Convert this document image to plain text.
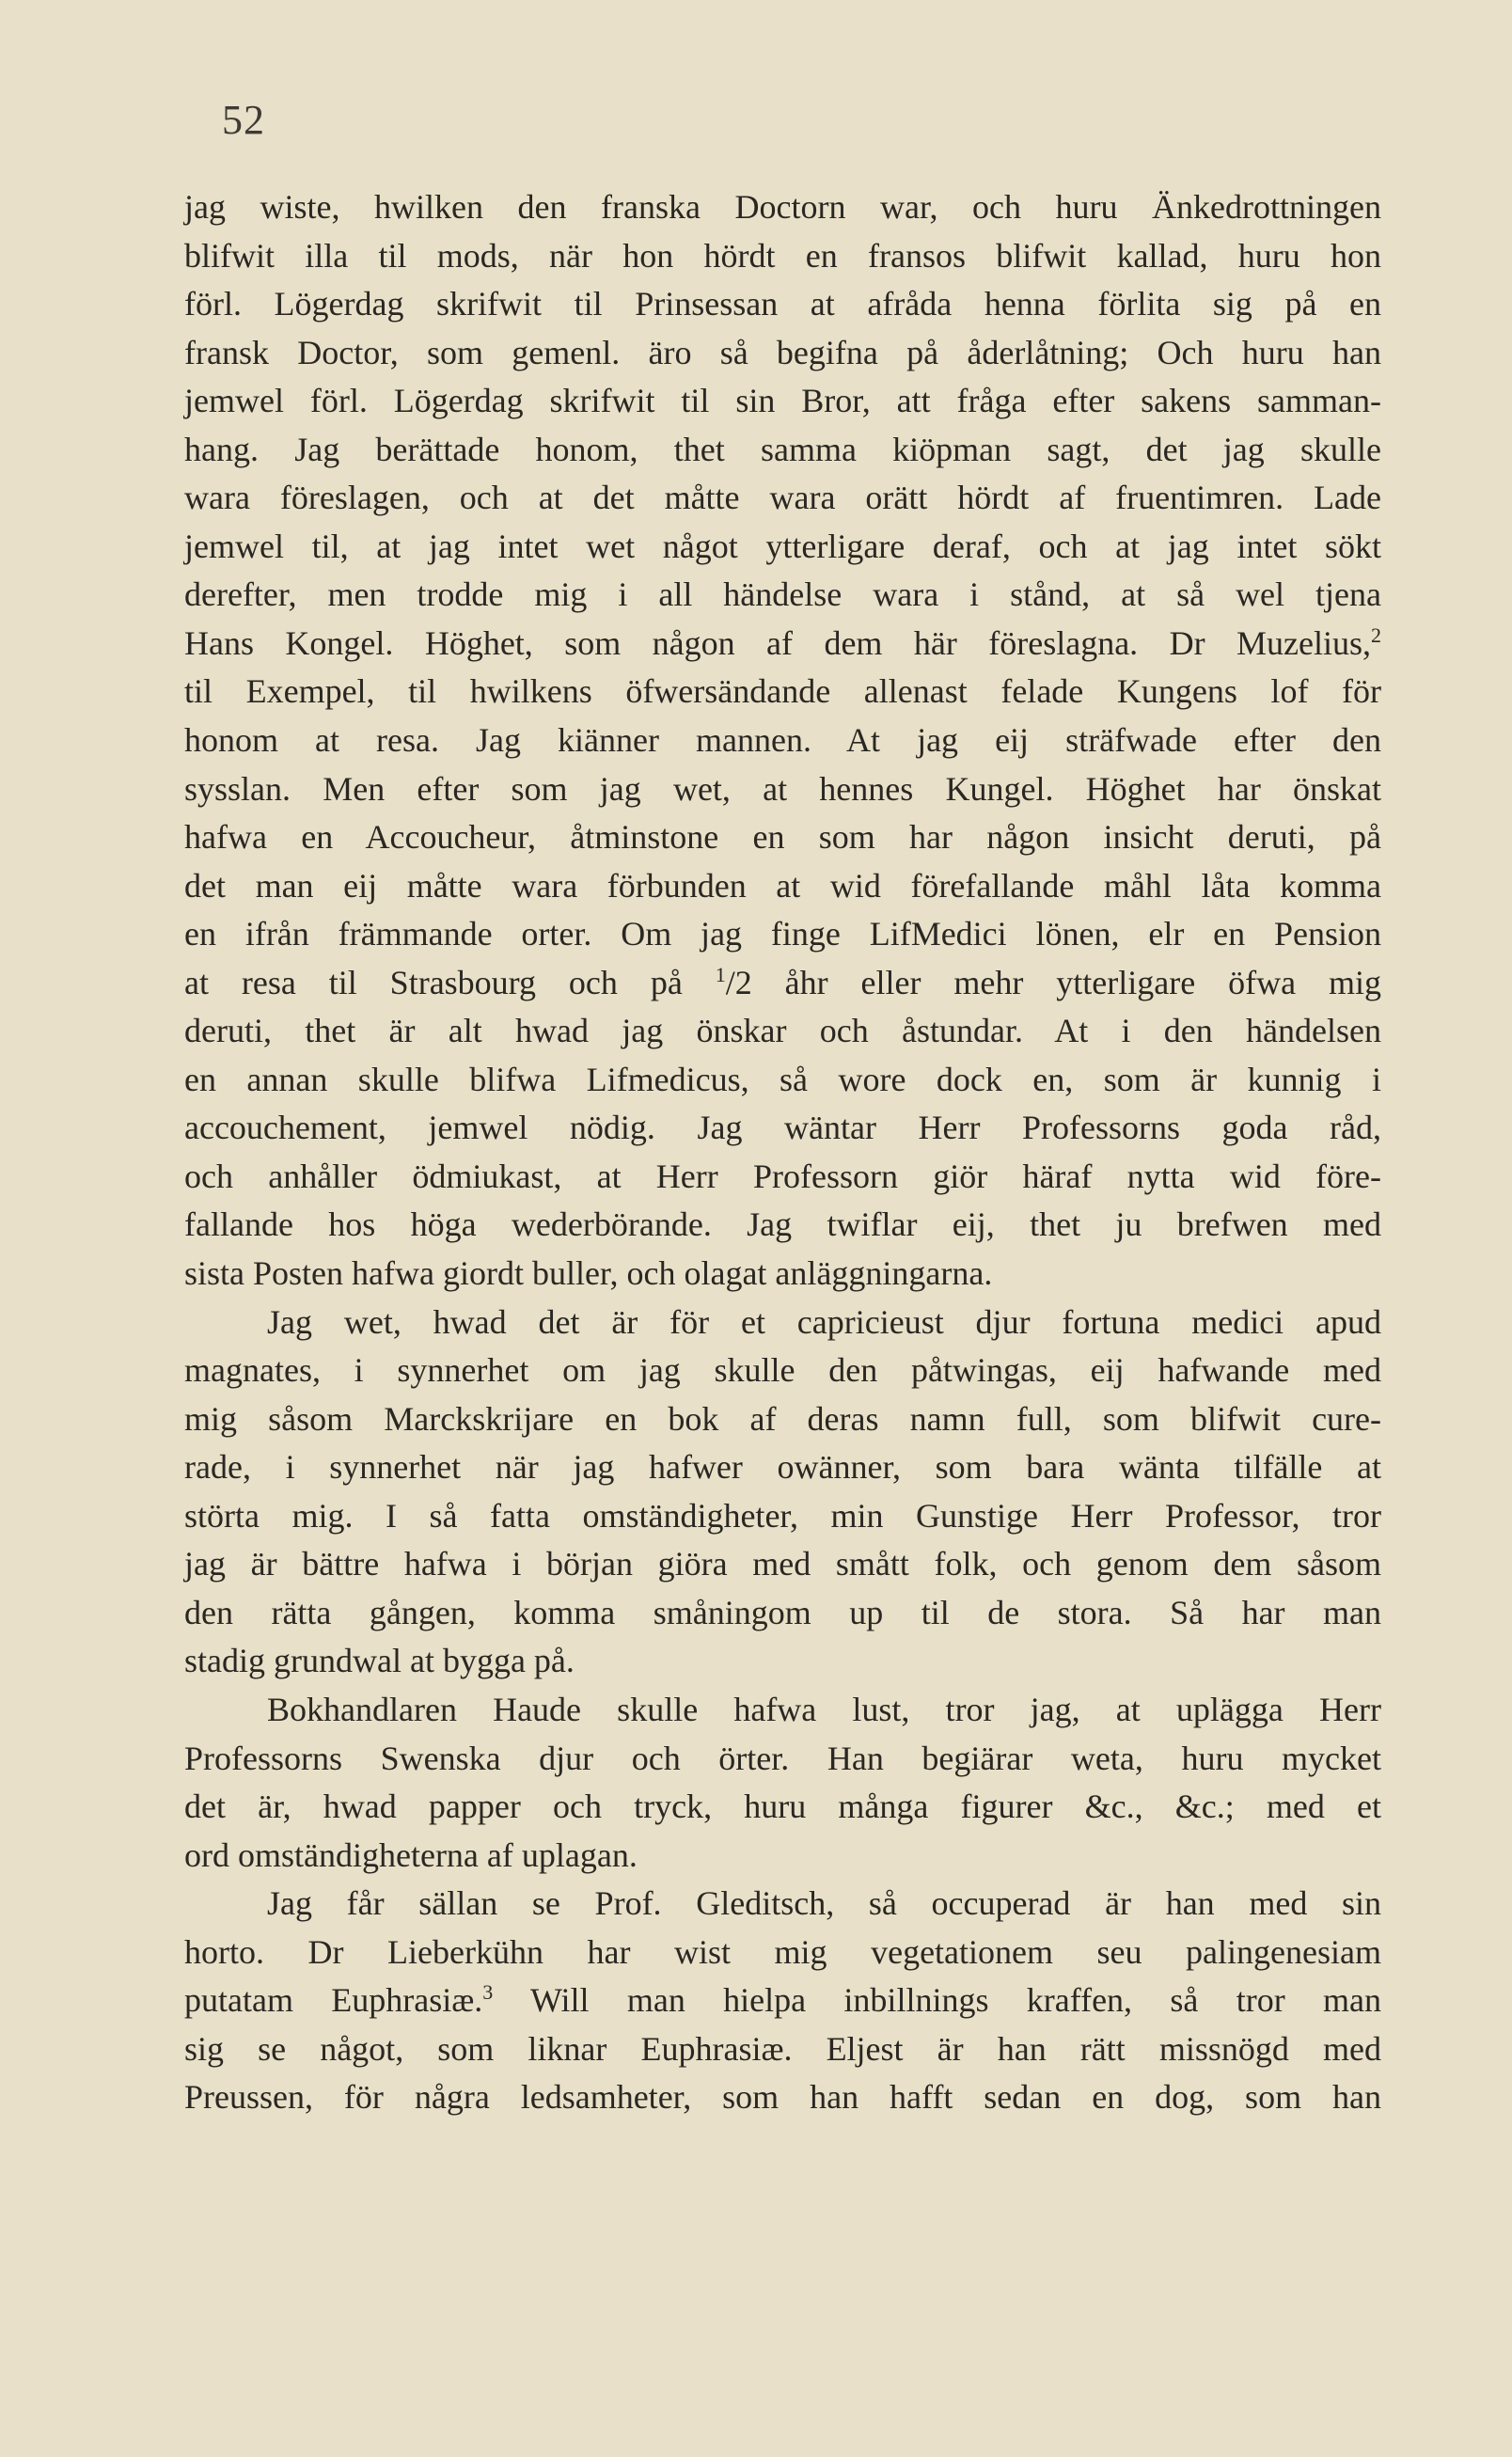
52
jag wiste, hwilken den franska Doctorn war, och huru Änkedrottningen
blifwit illa til mods, när hon hördt en fransos blifwit kallad, huru hon
förl. Lögerdag skrifwit til Prinsessan at afråda henna förlita sig på en
fransk Doctor, som gemenl. äro så begifna på åderlåtning; Och huru han
jemwel förl. Lögerdag skrifwit til sin Bror, att fråga efter sakens samman-
hang. Jag berättade honom, thet samma kiöpman sagt, det jag skulle
wara föreslagen, och at det måtte wara orätt hördt af fruentimren. Lade
jemwel til, at jag intet wet något ytterligare deraf, och at jag intet sökt
derefter, men trodde mig i all händelse wara i stånd, at så wel tjena
Hans Kongel. Höghet, som någon af dem här föreslagna. Dr Muzelius,$^2$
til Exempel, til hwilkens öfwersändande allenast felade Kungens lof för
honom at resa. Jag kiänner mannen. At jag eij sträfwade efter den
sysslan. Men efter som jag wet, at hennes Kungel. Höghet har önskat
hafwa en Accoucheur, åtminstone en som har någon insicht deruti, på
det man eij måtte wara förbunden at wid förefallande måhl låta komma
en ifrån främmande orter. Om jag finge LifMedici lönen, elr en Pension
at resa til Strasbourg och på $^1$/2 åhr eller mehr ytterligare öfwa mig
deruti, thet är alt hwad jag önskar och åstundar. At i den händelsen
en annan skulle blifwa Lifmedicus, så wore dock en, som är kunnig i
accouchement, jemwel nödig. Jag wäntar Herr Professorns goda råd,
och anhåller ödmiukast, at Herr Professorn giör häraf nytta wid före-
fallande hos höga wederbörande. Jag twiflar eij, thet ju brefwen med
sista Posten hafwa giordt buller, och olagat anläggningarna.
Jag wet, hwad det är för et capricieust djur fortuna medici apud
magnates, i synnerhet om jag skulle den påtwingas, eij hafwande med
mig såsom Marckskrijare en bok af deras namn full, som blifwit cure-
rade, i synnerhet när jag hafwer owänner, som bara wänta tilfälle at
störta mig. I så fatta omständigheter, min Gunstige Herr Professor, tror
jag är bättre hafwa i början giöra med smått folk, och genom dem såsom
den rätta gången, komma småningom up til de stora. Så har man
stadig grundwal at bygga på.
Bokhandlaren Haude skulle hafwa lust, tror jag, at uplägga Herr
Professorns Swenska djur och örter. Han begiärar weta, huru mycket
det är, hwad papper och tryck, huru många figurer &c., &c.; med et
ord omständigheterna af uplagan.
Jag får sällan se Prof. Gleditsch, så occuperad är han med sin
horto. Dr Lieberkühn har wist mig vegetationem seu palingenesiam
putatam Euphrasiæ.$^3$ Will man hielpa inbillnings kraffen, så tror man
sig se något, som liknar Euphrasiæ. Eljest är han rätt missnögd med
Preussen, för några ledsamheter, som han hafft sedan en dog, som han
